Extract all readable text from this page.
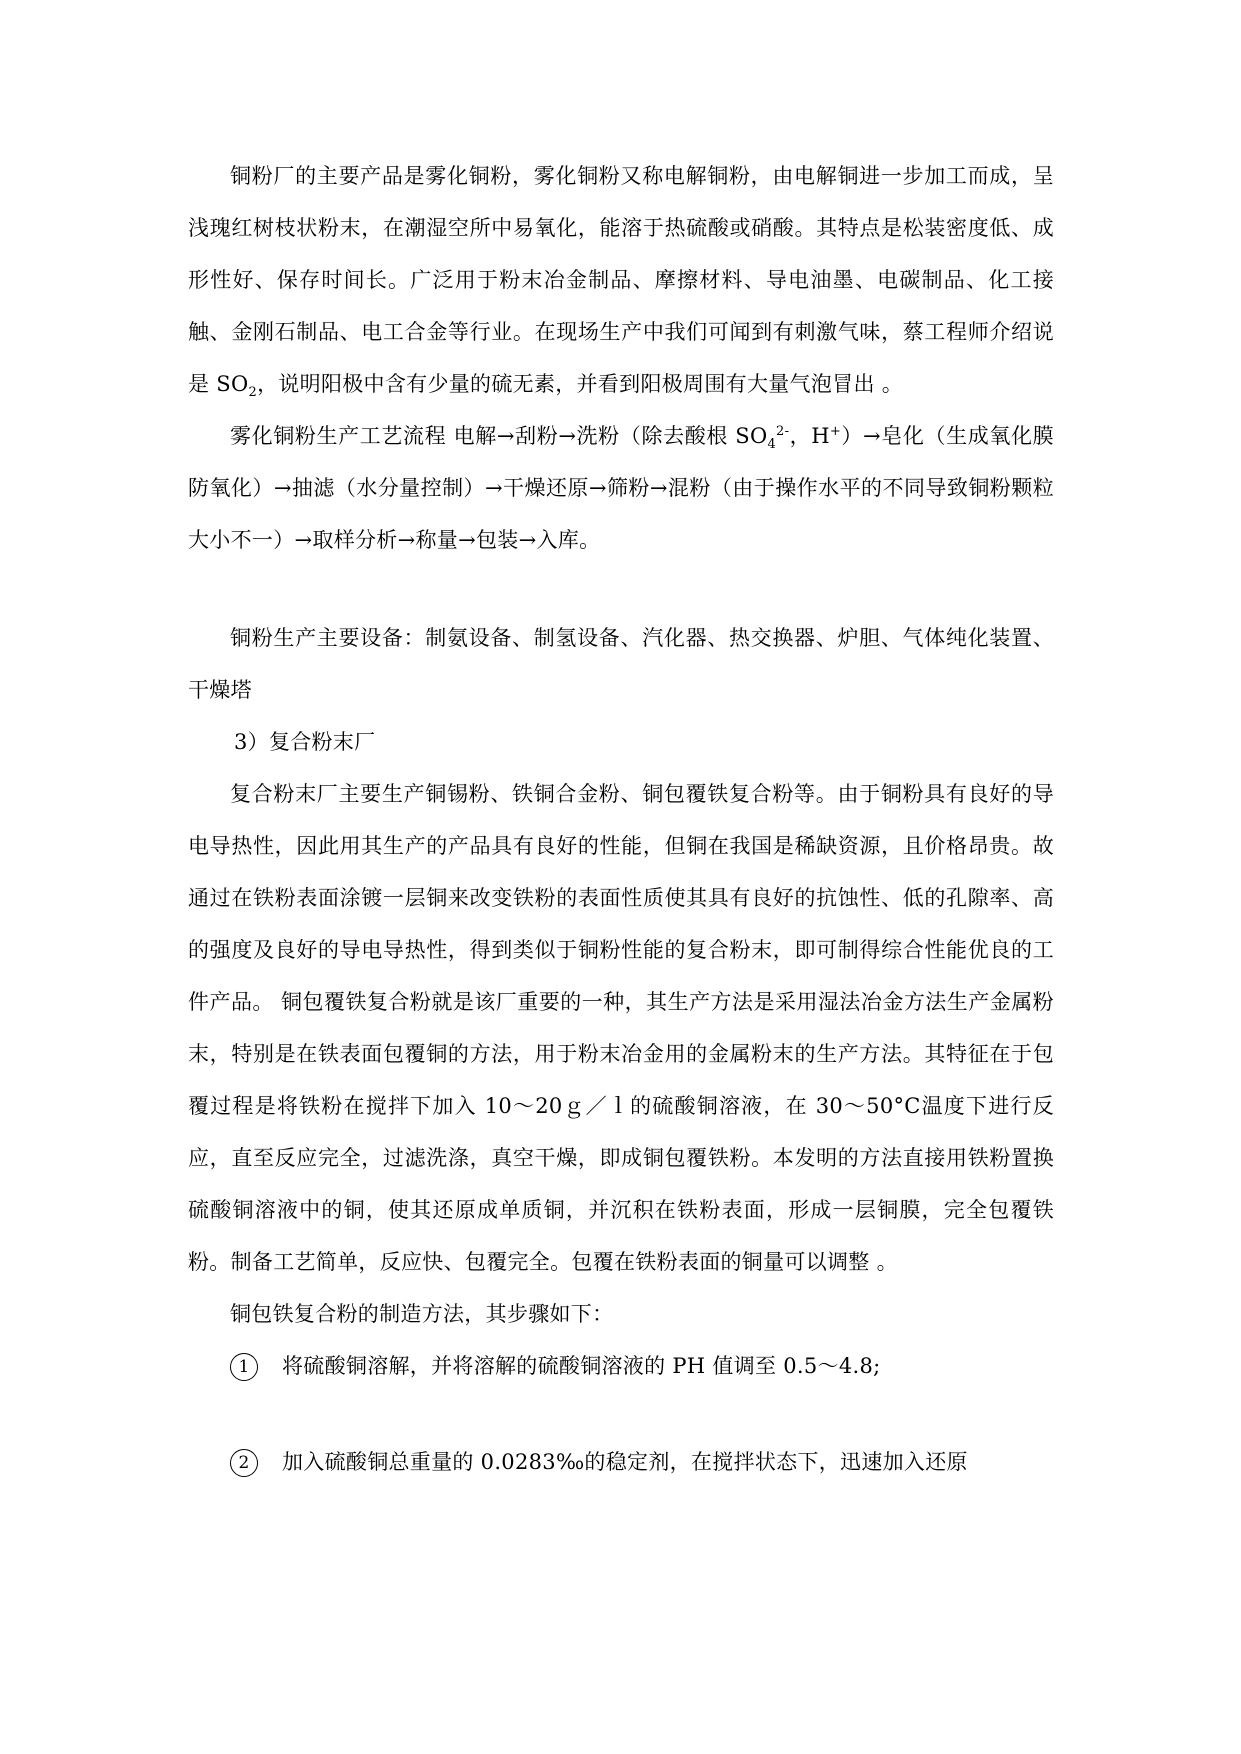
铜粉厂的主要产品是雾化铜粉，雾化铜粉又称电解铜粉，由电解铜进一步加工而成，呈浅瑰红树枝状粉末，在潮湿空所中易氧化，能溶于热硫酸或硝酸。其特点是松装密度低、成形性好、保存时间长。广泛用于粉末冶金制品、摩擦材料、导电油墨、电碳制品、化工接触、金刚石制品、电工合金等行业。在现场生产中我们可闻到有刺激气味，蔡工程师介绍说是 $SO_2$，说明阳极中含有少量的硫无素，并看到阳极周围有大量气泡冒出 。

雾化铜粉生产工艺流程 电解→刮粉→洗粉（除去酸根 $SO_4^{2-}$，H+）→皂化（生成氧化膜防氧化）→抽滤（水分量控制）→干燥还原→筛粉→混粉（由于操作水平的不同导致铜粉颗粒大小不一）→取样分析→称量→包装→入库。

铜粉生产主要设备：制氨设备、制氢设备、汽化器、热交换器、炉胆、气体纯化装置、干燥塔

3）复合粉末厂

复合粉末厂主要生产铜锡粉、铁铜合金粉、铜包覆铁复合粉等。由于铜粉具有良好的导电导热性，因此用其生产的产品具有良好的性能，但铜在我国是稀缺资源，且价格昂贵。故通过在铁粉表面涂镀一层铜来改变铁粉的表面性质使其具有良好的抗蚀性、低的孔隙率、高的强度及良好的导电导热性，得到类似于铜粉性能的复合粉末，即可制得综合性能优良的工件产品。 铜包覆铁复合粉就是该厂重要的一种，其生产方法是采用湿法冶金方法生产金属粉末，特别是在铁表面包覆铜的方法，用于粉末冶金用的金属粉末的生产方法。其特征在于包覆过程是将铁粉在搅拌下加入 10～20ｇ／ｌ的硫酸铜溶液，在 30～50°C温度下进行反应，直至反应完全，过滤洗涤，真空干燥，即成铜包覆铁粉。本发明的方法直接用铁粉置换硫酸铜溶液中的铜，使其还原成单质铜，并沉积在铁粉表面，形成一层铜膜，完全包覆铁粉。制备工艺简单，反应快、包覆完全。包覆在铁粉表面的铜量可以调整 。

铜包铁复合粉的制造方法，其步骤如下：

1 将硫酸铜溶解，并将溶解的硫酸铜溶液的 PH 值调至 0.5～4.8;

2 加入硫酸铜总重量的 0.0283‰的稳定剂，在搅拌状态下，迅速加入还原
